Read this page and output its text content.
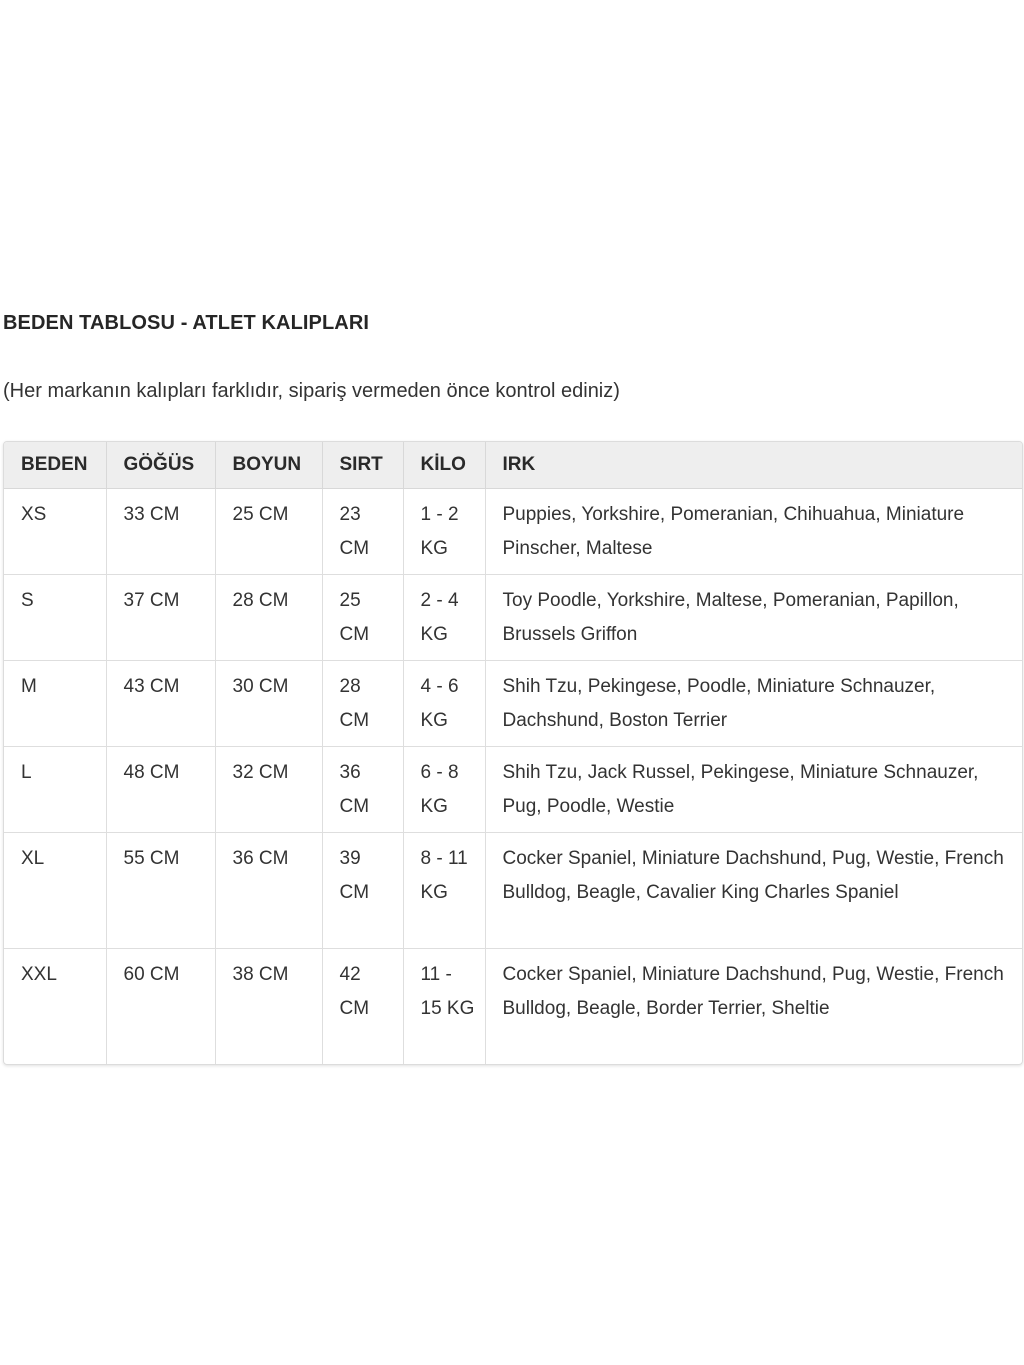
BEDEN TABLOSU - ATLET KALIPLARI
(Her markanın kalıpları farklıdır, sipariş vermeden önce kontrol ediniz)
BEDEN	GÖĞÜS	BOYUN	SIRT	KİLO	IRK
XS	33 CM	25 CM	23 CM	1 - 2 KG	Puppies, Yorkshire, Pomeranian, Chihuahua, Miniature Pinscher, Maltese
S	37 CM	28 CM	25 CM	2 - 4 KG	Toy Poodle, Yorkshire, Maltese, Pomeranian, Papillon, Brussels Griffon
M	43 CM	30 CM	28 CM	4 - 6 KG	Shih Tzu, Pekingese, Poodle, Miniature Schnauzer, Dachshund, Boston Terrier
L	48 CM	32 CM	36 CM	6 - 8 KG	Shih Tzu, Jack Russel, Pekingese, Miniature Schnauzer, Pug, Poodle, Westie
XL	55 CM	36 CM	39 CM	8 - 11 KG	Cocker Spaniel, Miniature Dachshund, Pug, Westie, French Bulldog, Beagle, Cavalier King Charles Spaniel
XXL	60 CM	38 CM	42 CM	11 - 15 KG	Cocker Spaniel, Miniature Dachshund, Pug, Westie, French Bulldog, Beagle, Border Terrier, Sheltie
